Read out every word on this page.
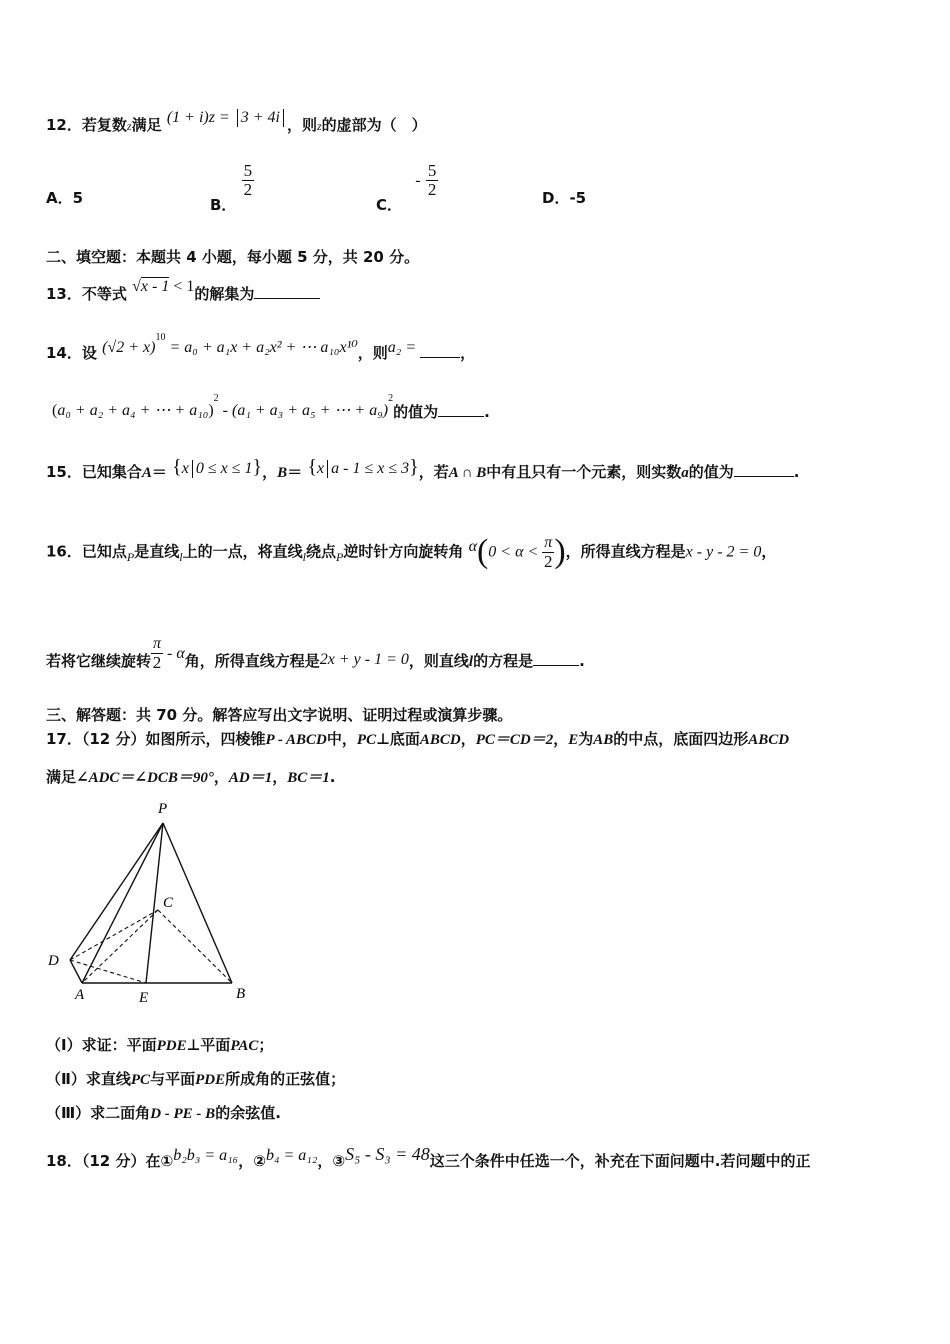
12．若复数z满足 (1 + i)z = 3 + 4i ，则z的虚部为（　）
A．5	B．
$\frac{5}{2}$
C． - $\frac{5}{2}$	D．-5
二、填空题：本题共 4 小题，每小题 5 分，共 20 分。
13．不等式 √x - 1 < 1的解集为
14．设 $(√2 + x)^{10} = a_0 + a_1x + a_2x^2$ + ⋯ a₁₀x¹⁰，则a₂ =	，
(a₀ + a₂ + a₄ + ⋯ + a₁₀)$^2$ - (a₁ + a₃ + a₅ + ⋯ + a₉)$^2$的值为	.
15．已知集合A＝ {x 0 ≤ x ≤ 1}，B＝ {x a - 1 ≤ x ≤ 3}，若A ∩ B中有且只有一个元素，则实数a的值为	.
16．已知点$_P$是直线$_l$上的一点，将直线$_l$绕点$_P$逆时针方向旋转角 $\alpha(0 < \alpha < \frac{\pi}{2}$ )，所得直线方程是x - y - 2 = 0，
若将它继续旋转 $\frac{\pi}{2}$ - α角，所得直线方程是2x + y - 1 = 0，则直线l的方程是	.
三、解答题：共 70 分。解答应写出文字说明、证明过程或演算步骤。
17．（12 分）如图所示，四棱锥P - ABCD中，PC⊥底面ABCD，PC＝CD＝2，E为AB的中点，底面四边形ABCD
满足∠ADC＝∠DCB＝90°，AD＝1，BC＝1.
P
C
D
A	E	B
（Ⅰ）求证：平面PDE⊥平面PAC；
（Ⅱ）求直线PC与平面PDE所成角的正弦值；
（Ⅲ）求二面角D - PE - B的余弦值.
18．（12 分）在①b₂b₃ = a₁₆，②b₄ = a₁₂，③S₅ - S₃ = 48这三个条件中任选一个，补充在下面问题中.若问题中的正
